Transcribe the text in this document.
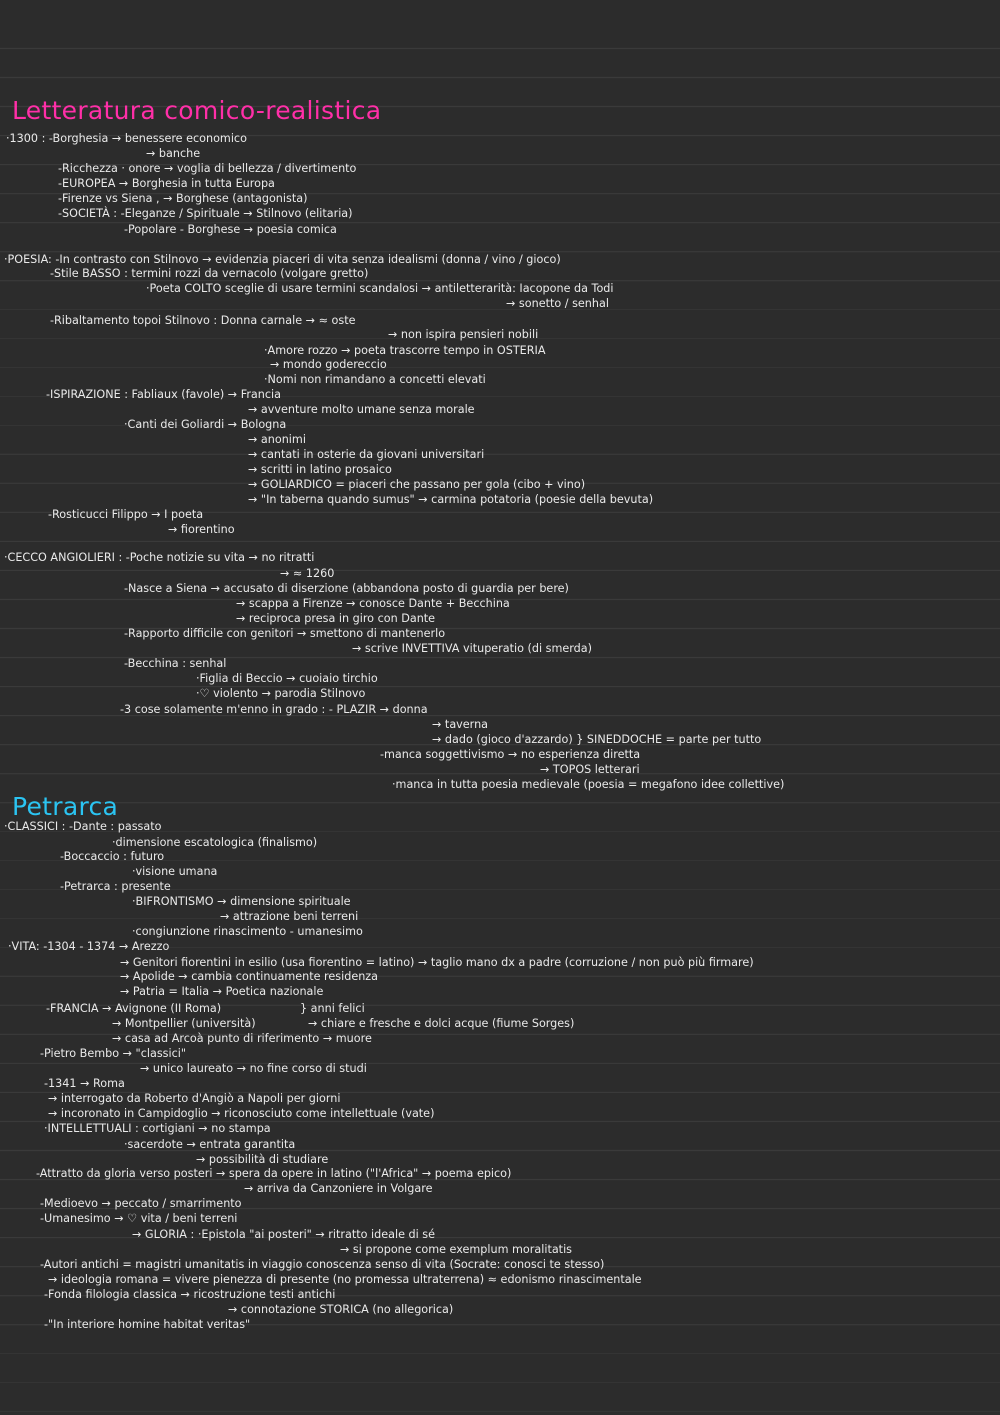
Letteratura comico-realistica
Petrarca
·1300 : -Borghesia → benessere economico
→ banche
-Ricchezza · onore → voglia di bellezza / divertimento
-EUROPEA → Borghesia in tutta Europa
-Firenze vs Siena , → Borghese (antagonista)
-SOCIETÀ : -Eleganze / Spirituale → Stilnovo (elitaria)
-Popolare - Borghese → poesia comica
·POESIA: -In contrasto con Stilnovo → evidenzia piaceri di vita senza idealismi (donna / vino / gioco)
-Stile BASSO : termini rozzi da vernacolo (volgare gretto)
·Poeta COLTO sceglie di usare termini scandalosi → antiletterarità: Iacopone da Todi
→ sonetto / senhal
-Ribaltamento topoi Stilnovo : Donna carnale → ≈ oste
→ non ispira pensieri nobili
·Amore rozzo → poeta trascorre tempo in OSTERIA
→ mondo godereccio
·Nomi non rimandano a concetti elevati
-ISPIRAZIONE : Fabliaux (favole) → Francia
→ avventure molto umane senza morale
·Canti dei Goliardi → Bologna
→ anonimi
→ cantati in osterie da giovani universitari
→ scritti in latino prosaico
→ GOLIARDICO = piaceri che passano per gola (cibo + vino)
→ "In taberna quando sumus" → carmina potatoria (poesie della bevuta)
-Rosticucci Filippo → I poeta
→ fiorentino
·CECCO ANGIOLIERI : -Poche notizie su vita → no ritratti
→ ≈ 1260
-Nasce a Siena → accusato di diserzione (abbandona posto di guardia per bere)
→ scappa a Firenze → conosce Dante + Becchina
→ reciproca presa in giro con Dante
-Rapporto difficile con genitori → smettono di mantenerlo
→ scrive INVETTIVA vituperatio (di smerda)
-Becchina : senhal
·Figlia di Beccio → cuoiaio tirchio
·♡ violento → parodia Stilnovo
-3 cose solamente m'enno in grado : - PLAZIR → donna
→ taverna
→ dado (gioco d'azzardo) } SINEDDOCHE = parte per tutto
-manca soggettivismo → no esperienza diretta
→ TOPOS letterari
·manca in tutta poesia medievale (poesia = megafono idee collettive)
·CLASSICI : -Dante : passato
·dimensione escatologica (finalismo)
-Boccaccio : futuro
·visione umana
-Petrarca : presente
·BIFRONTISMO → dimensione spirituale
→ attrazione beni terreni
·congiunzione rinascimento - umanesimo
·VITA: -1304 - 1374 → Arezzo
→ Genitori fiorentini in esilio (usa fiorentino = latino) → taglio mano dx a padre (corruzione / non può più firmare)
→ Apolide → cambia continuamente residenza
→ Patria = Italia → Poetica nazionale
-FRANCIA → Avignone (II Roma)
→ Montpellier (università)
} anni felici
→ chiare e fresche e dolci acque (fiume Sorges)
→ casa ad Arcoà punto di riferimento → muore
-Pietro Bembo → "classici"
→ unico laureato → no fine corso di studi
-1341 → Roma
→ interrogato da Roberto d'Angiò a Napoli per giorni
→ incoronato in Campidoglio → riconosciuto come intellettuale (vate)
·INTELLETTUALI : cortigiani → no stampa
·sacerdote → entrata garantita
→ possibilità di studiare
-Attratto da gloria verso posteri → spera da opere in latino ("l'Africa" → poema epico)
→ arriva da Canzoniere in Volgare
-Medioevo → peccato / smarrimento
-Umanesimo → ♡ vita / beni terreni
→ GLORIA : ·Epistola "ai posteri" → ritratto ideale di sé
→ si propone come exemplum moralitatis
-Autori antichi = magistri umanitatis in viaggio conoscenza senso di vita (Socrate: conosci te stesso)
→ ideologia romana = vivere pienezza di presente (no promessa ultraterrena) ≈ edonismo rinascimentale
-Fonda filologia classica → ricostruzione testi antichi
→ connotazione STORICA (no allegorica)
-"In interiore homine habitat veritas"
